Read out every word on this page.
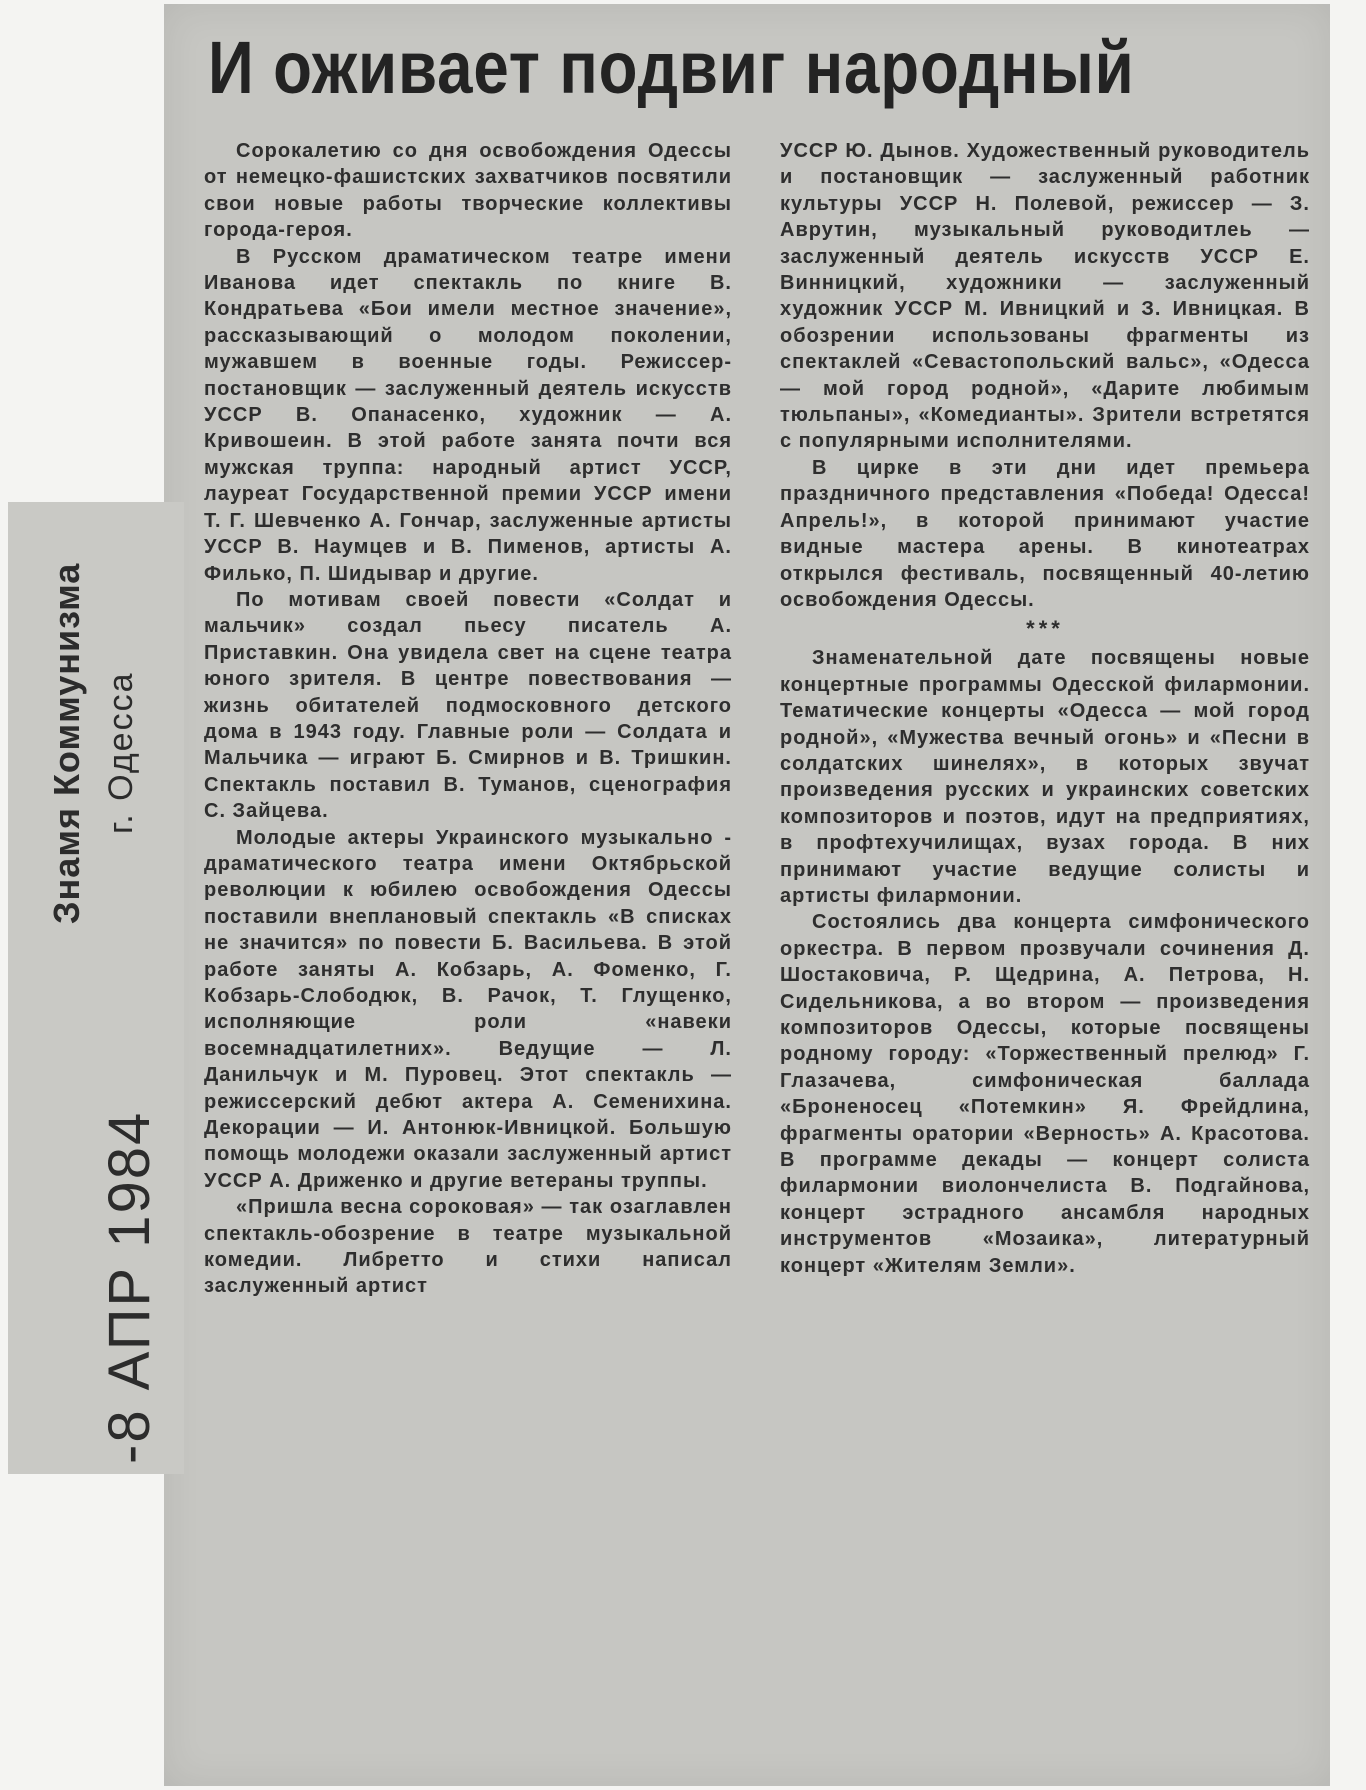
Знамя Коммунизма г. Одесса
-8 АПР 1984
И оживает подвиг народный

Сорокалетию со дня освобождения Одессы от немецко-фашистских захватчиков посвятили свои новые работы творческие коллективы города-героя.

В Русском драматическом театре имени Иванова идет спектакль по книге В. Кондратьева «Бои имели местное значение», рассказывающий о молодом поколении, мужавшем в военные годы. Режиссер-постановщик — заслуженный деятель искусств УССР В. Опанасенко, художник — А. Кривошеин. В этой работе занята почти вся мужская труппа: народный артист УССР, лауреат Государственной премии УССР имени Т. Г. Шевченко А. Гончар, заслуженные артисты УССР В. Наумцев и В. Пименов, артисты А. Филько, П. Шидывар и другие.

По мотивам своей повести «Солдат и мальчик» создал пьесу писатель А. Приставкин. Она увидела свет на сцене театра юного зрителя. В центре повествования — жизнь обитателей подмосковного детского дома в 1943 году. Главные роли — Солдата и Мальчика — играют Б. Смирнов и В. Тришкин. Спектакль поставил В. Туманов, сценография С. Зайцева.

Молодые актеры Украинского музыкально - драматического театра имени Октябрьской революции к юбилею освобождения Одессы поставили внеплановый спектакль «В списках не значится» по повести Б. Васильева. В этой работе заняты А. Кобзарь, А. Фоменко, Г. Кобзарь-Слободюк, В. Рачок, Т. Глущенко, исполняющие роли «навеки восемнадцатилетних». Ведущие — Л. Данильчук и М. Пуровец. Этот спектакль — режиссерский дебют актера А. Семенихина. Декорации — И. Антонюк-Ивницкой. Большую помощь молодежи оказали заслуженный артист УССР А. Дриженко и другие ветераны труппы.

«Пришла весна сороковая» — так озаглавлен спектакль-обозрение в театре музыкальной комедии. Либретто и стихи написал заслуженный артист

УССР Ю. Дынов. Художественный руководитель и постановщик — заслуженный работник культуры УССР Н. Полевой, режиссер — З. Аврутин, музыкальный руководитлеь — заслуженный деятель искусств УССР Е. Винницкий, художники — заслуженный художник УССР М. Ивницкий и З. Ивницкая. В обозрении использованы фрагменты из спектаклей «Севастопольский вальс», «Одесса — мой город родной», «Дарите любимым тюльпаны», «Комедианты». Зрители встретятся с популярными исполнителями.

В цирке в эти дни идет премьера праздничного представления «Победа! Одесса! Апрель!», в которой принимают участие видные мастера арены. В кинотеатрах открылся фестиваль, посвященный 40-летию освобождения Одессы.

***

Знаменательной дате посвящены новые концертные программы Одесской филармонии. Тематические концерты «Одесса — мой город родной», «Мужества вечный огонь» и «Песни в солдатских шинелях», в которых звучат произведения русских и украинских советских композиторов и поэтов, идут на предприятиях, в профтехучилищах, вузах города. В них принимают участие ведущие солисты и артисты филармонии.

Состоялись два концерта симфонического оркестра. В первом прозвучали сочинения Д. Шостаковича, Р. Щедрина, А. Петрова, Н. Сидельникова, а во втором — произведения композиторов Одессы, которые посвящены родному городу: «Торжественный прелюд» Г. Глазачева, симфоническая баллада «Броненосец «Потемкин» Я. Фрейдлина, фрагменты оратории «Верность» А. Красотова. В программе декады — концерт солиста филармонии виолончелиста В. Подгайнова, концерт эстрадного ансамбля народных инструментов «Мозаика», литературный концерт «Жителям Земли».
